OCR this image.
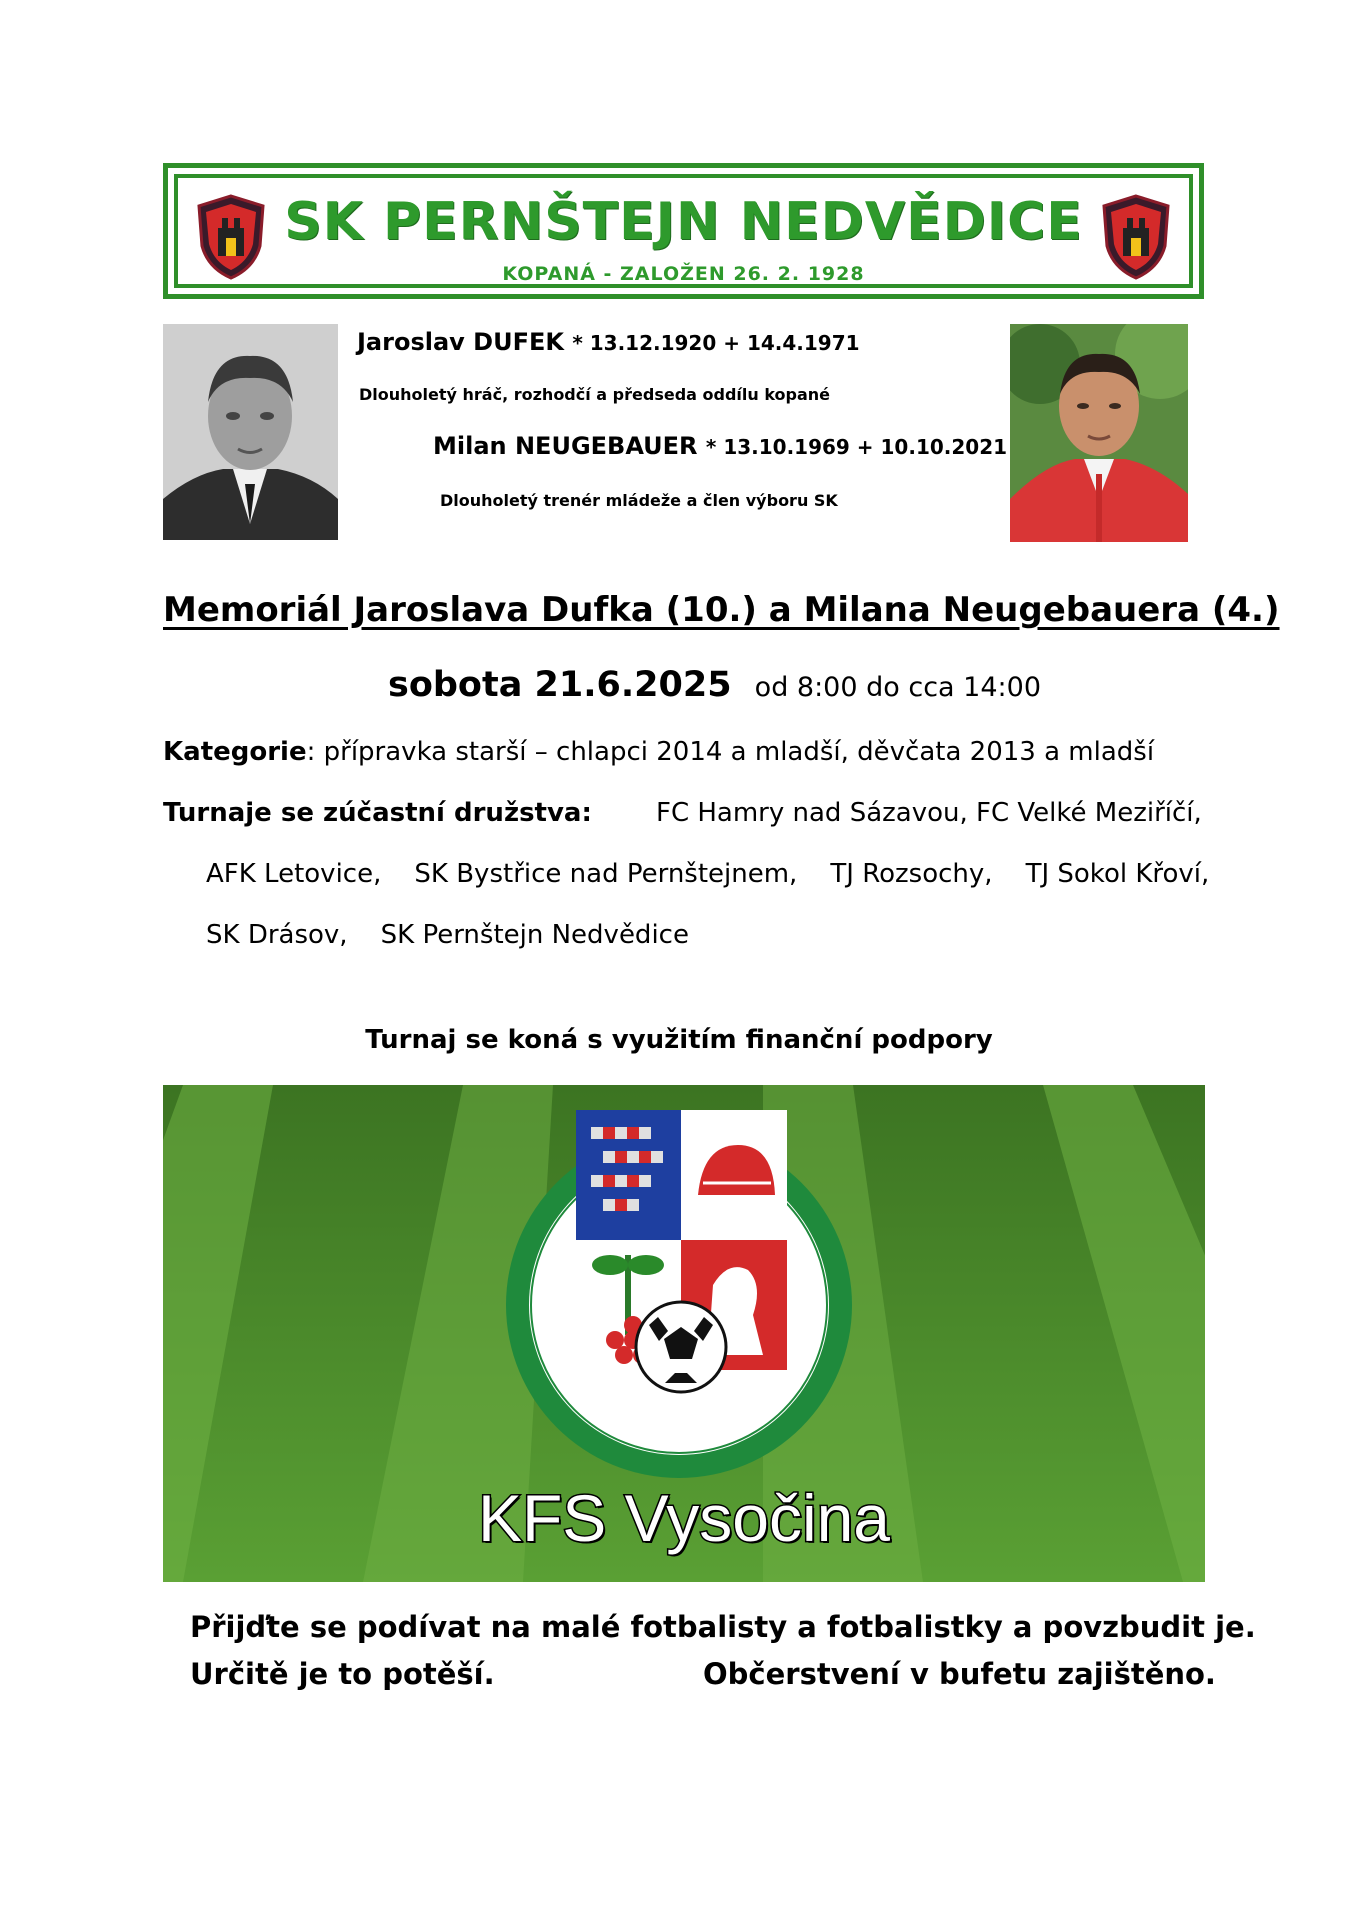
SK PERNŠTEJN NEDVĚDICE
KOPANÁ - ZALOŽEN 26. 2. 1928
Jaroslav DUFEK * 13.12.1920 + 14.4.1971
Dlouholetý hráč, rozhodčí a předseda oddílu kopané
Milan NEUGEBAUER * 13.10.1969 + 10.10.2021
Dlouholetý trenér mládeže a člen výboru SK
Memoriál Jaroslava Dufka (10.) a Milana Neugebauera (4.)
sobota 21.6.2025 od 8:00 do cca 14:00
Kategorie: přípravka starší – chlapci 2014 a mladší, děvčata 2013 a mladší
Turnaje se zúčastní družstva: FC Hamry nad Sázavou, FC Velké Meziříčí,
AFK Letovice,    SK Bystřice nad Pernštejnem,    TJ Rozsochy,    TJ Sokol Křoví,
SK Drásov,    SK Pernštejn Nedvědice
Turnaj se koná s využitím finanční podpory
KFS Vysočina
Přijďte se podívat na malé fotbalisty a fotbalistky a povzbudit je.
Určitě je to potěší.	Občerstvení v bufetu zajištěno.
